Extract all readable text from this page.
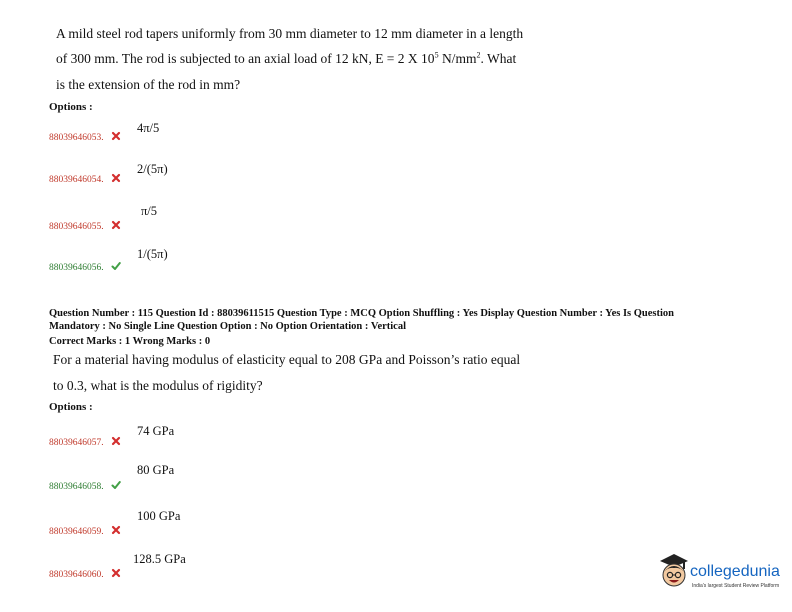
A mild steel rod tapers uniformly from 30 mm diameter to 12 mm diameter in a length
of 300 mm. The rod is subjected to an axial load of 12 kN, E = 2 X $10^5$ $N/mm^2$. What
is the extension of the rod in mm?
Options :
88039646053.
4π/5
88039646054.
2/(5π)
88039646055.
π/5
88039646056.
1/(5π)
Question Number : 115 Question Id : 88039611515 Question Type : MCQ Option Shuffling : Yes Display Question Number : Yes Is Question
Mandatory : No Single Line Question Option : No Option Orientation : Vertical
Correct Marks : 1 Wrong Marks : 0
For a material having modulus of elasticity equal to 208 GPa and Poisson’s ratio equal
to 0.3, what is the modulus of rigidity?
Options :
88039646057.
74 GPa
88039646058.
80 GPa
88039646059.
100 GPa
88039646060.
128.5 GPa
collegedunia
India's largest Student Review Platform
